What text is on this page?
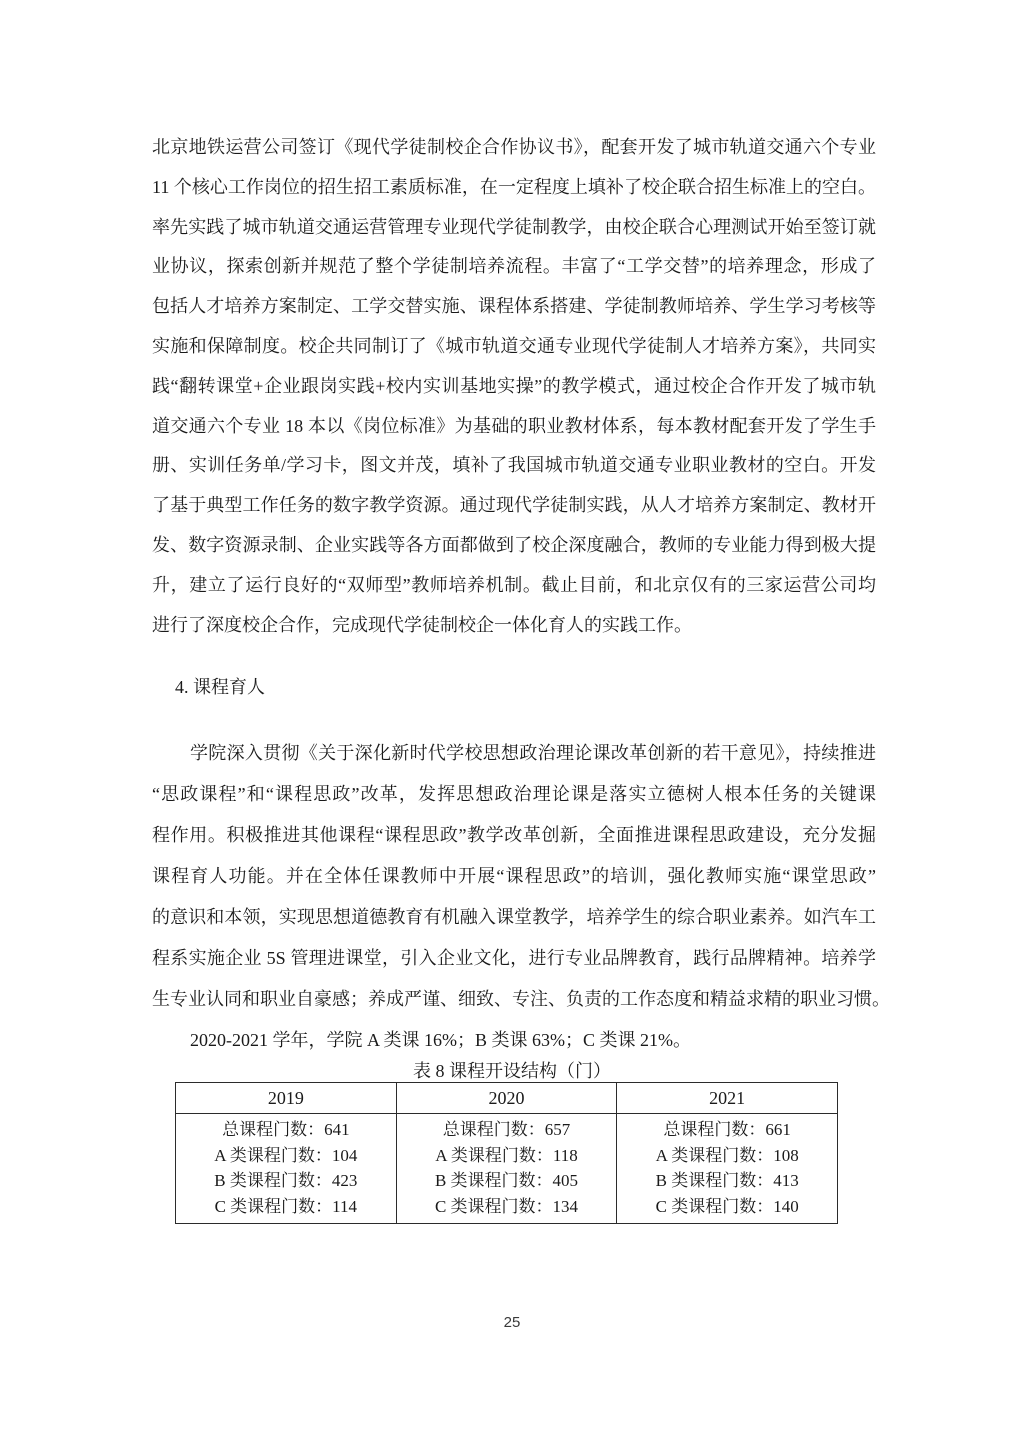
北京地铁运营公司签订《现代学徒制校企合作协议书》，配套开发了城市轨道交通六个专业
11 个核心工作岗位的招生招工素质标准，在一定程度上填补了校企联合招生标准上的空白。
率先实践了城市轨道交通运营管理专业现代学徒制教学，由校企联合心理测试开始至签订就
业协议，探索创新并规范了整个学徒制培养流程。丰富了“工学交替”的培养理念，形成了
包括人才培养方案制定、工学交替实施、课程体系搭建、学徒制教师培养、学生学习考核等
实施和保障制度。校企共同制订了《城市轨道交通专业现代学徒制人才培养方案》，共同实
践“翻转课堂+企业跟岗实践+校内实训基地实操”的教学模式，通过校企合作开发了城市轨
道交通六个专业 18 本以《岗位标准》为基础的职业教材体系，每本教材配套开发了学生手
册、实训任务单/学习卡，图文并茂，填补了我国城市轨道交通专业职业教材的空白。开发
了基于典型工作任务的数字教学资源。通过现代学徒制实践，从人才培养方案制定、教材开
发、数字资源录制、企业实践等各方面都做到了校企深度融合，教师的专业能力得到极大提
升，建立了运行良好的“双师型”教师培养机制。截止目前，和北京仅有的三家运营公司均
进行了深度校企合作，完成现代学徒制校企一体化育人的实践工作。
4. 课程育人
学院深入贯彻《关于深化新时代学校思想政治理论课改革创新的若干意见》，持续推进
“思政课程”和“课程思政”改革，发挥思想政治理论课是落实立德树人根本任务的关键课
程作用。积极推进其他课程“课程思政”教学改革创新，全面推进课程思政建设，充分发掘
课程育人功能。并在全体任课教师中开展“课程思政”的培训，强化教师实施“课堂思政”
的意识和本领，实现思想道德教育有机融入课堂教学，培养学生的综合职业素养。如汽车工
程系实施企业 5S 管理进课堂，引入企业文化，进行专业品牌教育，践行品牌精神。培养学
生专业认同和职业自豪感；养成严谨、细致、专注、负责的工作态度和精益求精的职业习惯。
2020-2021 学年，学院 A 类课 16%；B 类课 63%；C 类课 21%。
表 8 课程开设结构（门）
2019	2020	2021

总课程门数：641
A 类课程门数：104
B 类课程门数：423
C 类课程门数：114

总课程门数：657
A 类课程门数：118
B 类课程门数：405
C 类课程门数：134

总课程门数：661
A 类课程门数：108
B 类课程门数：413
C 类课程门数：140
25
